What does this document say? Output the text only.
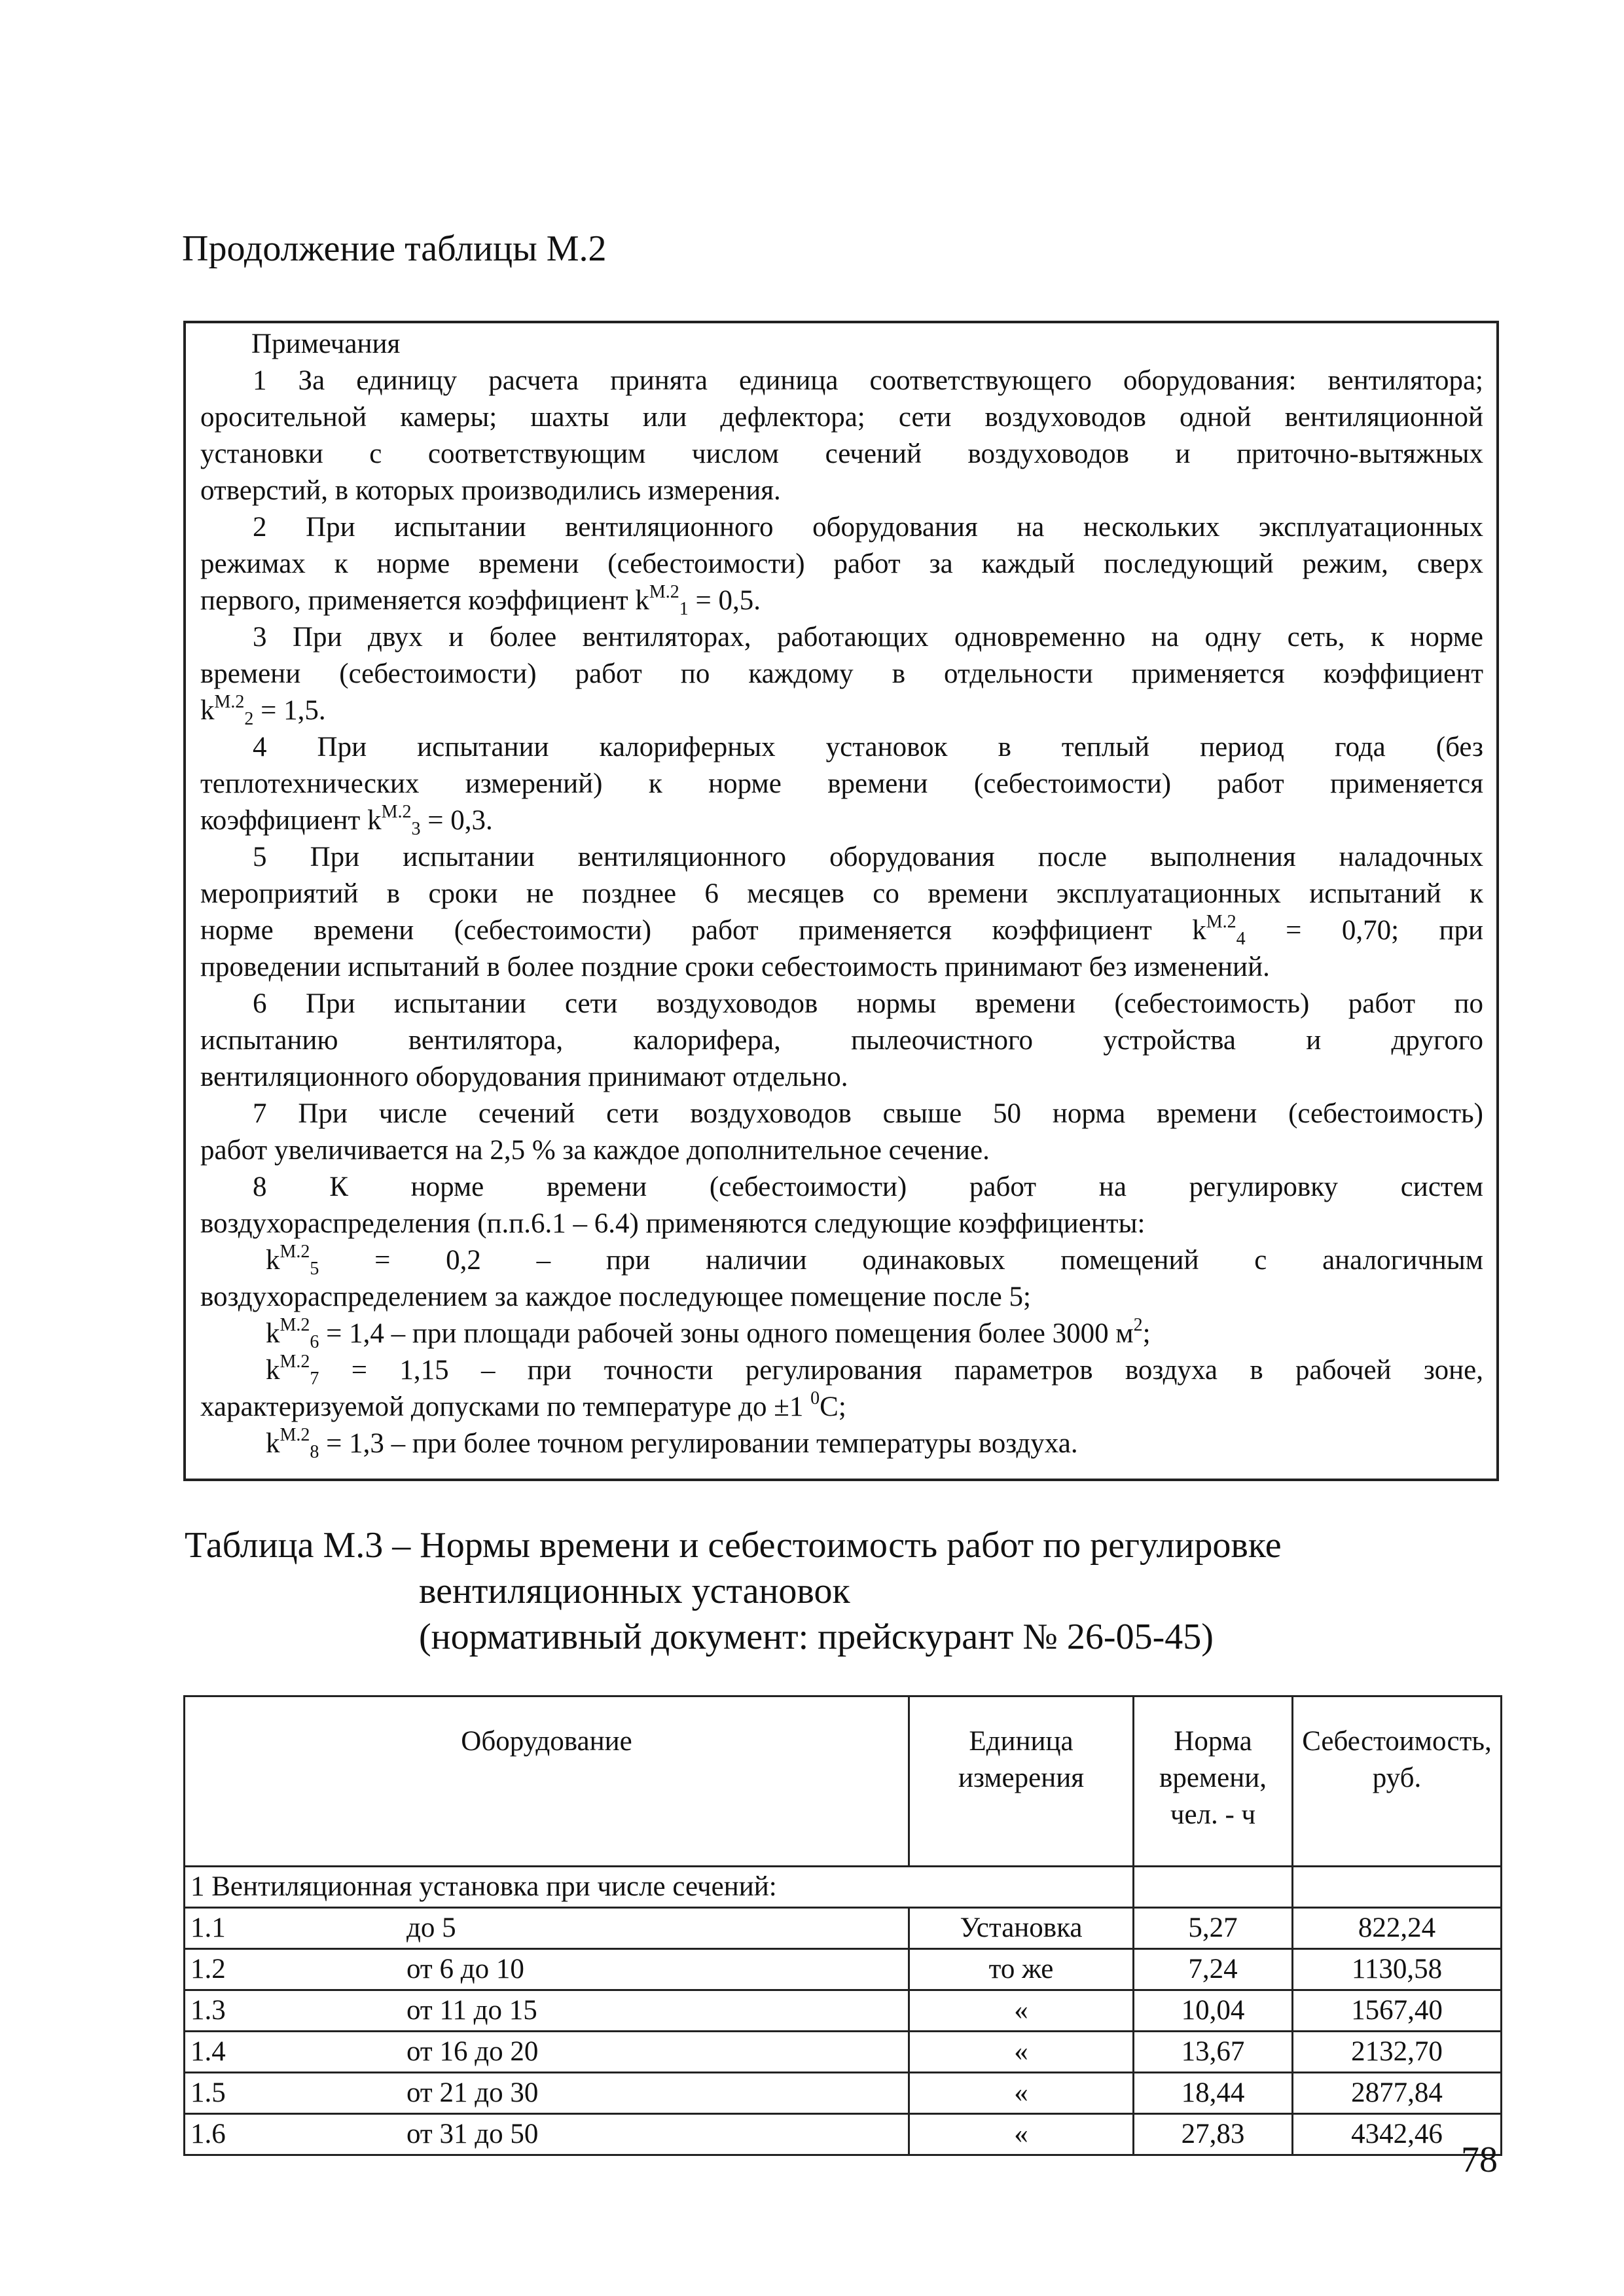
Продолжение таблицы М.2
Примечания
1 За единицу расчета принята единица соответствующего оборудования: вентилятора;
оросительной камеры; шахты или дефлектора; сети воздуховодов одной вентиляционной
установки с соответствующим числом сечений воздуховодов и приточно-вытяжных
отверстий, в которых производились измерения.
2 При испытании вентиляционного оборудования на нескольких эксплуатационных
режимах к норме времени (себестоимости) работ за каждый последующий режим, сверх
первого, применяется коэффициент $k^{М.2}_1 = 0,5$.
3 При двух и более вентиляторах, работающих одновременно на одну сеть, к норме
времени (себестоимости) работ по каждому в отдельности применяется коэффициент
$k^{М.2}_2 = 1,5$.
4 При испытании калориферных установок в теплый период года (без
теплотехнических измерений) к норме времени (себестоимости) работ применяется
коэффициент $k^{М.2}_3 = 0,3$.
5 При испытании вентиляционного оборудования после выполнения наладочных
мероприятий в сроки не позднее 6 месяцев со времени эксплуатационных испытаний к
норме времени (себестоимости) работ применяется коэффициент $k^{М.2}_4 = 0,70$; при
проведении испытаний в более поздние сроки себестоимость принимают без изменений.
6 При испытании сети воздуховодов нормы времени (себестоимость) работ по
испытанию вентилятора, калорифера, пылеочистного устройства и другого
вентиляционного оборудования принимают отдельно.
7 При числе сечений сети воздуховодов свыше 50 норма времени (себестоимость)
работ увеличивается на 2,5 % за каждое дополнительное сечение.
8 К норме времени (себестоимости) работ на регулировку систем
воздухораспределения (п.п.6.1 – 6.4) применяются следующие коэффициенты:
$k^{М.2}_5 = 0,2$ – при наличии одинаковых помещений с аналогичным
воздухораспределением за каждое последующее помещение после 5;
$k^{М.2}_6 = 1,4$ – при площади рабочей зоны одного помещения более 3000 $м^2$;
$k^{М.2}_7 = 1,15$ – при точности регулирования параметров воздуха в рабочей зоне,
характеризуемой допусками по температуре до ±1 $^0$С;
$k^{М.2}_8 = 1,3$ – при более точном регулировании температуры воздуха.
Таблица М.3 – Нормы времени и себестоимость работ по регулировке
вентиляционных установок
(нормативный документ: прейскурант № 26-05-45)
Оборудование	Единица измерения	Норма времени, чел. - ч	Себестоимость, руб.
1 Вентиляционная установка при числе сечений:			
1.1 до 5	Установка	5,27	822,24
1.2 от 6 до 10	то же	7,24	1130,58
1.3 от 11 до 15	«	10,04	1567,40
1.4 от 16 до 20	«	13,67	2132,70
1.5 от 21 до 30	«	18,44	2877,84
1.6 от 31 до 50	«	27,83	4342,46
78
